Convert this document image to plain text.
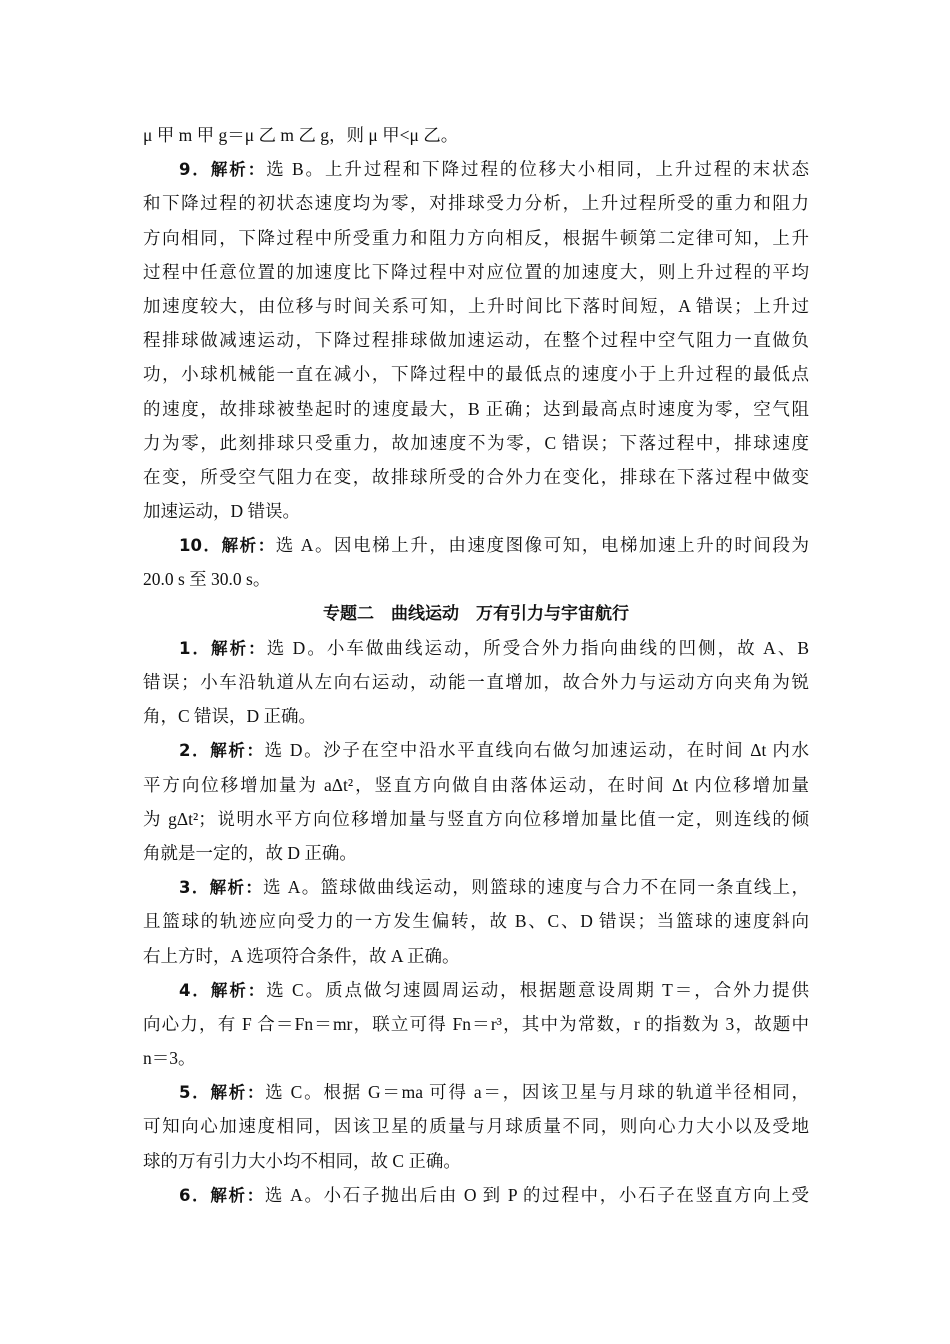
μ 甲 m 甲 g＝μ 乙 m 乙 g，则 μ 甲<μ 乙。
9．解析：选 B。上升过程和下降过程的位移大小相同，上升过程的末状态
和下降过程的初状态速度均为零，对排球受力分析，上升过程所受的重力和阻力
方向相同，下降过程中所受重力和阻力方向相反，根据牛顿第二定律可知，上升
过程中任意位置的加速度比下降过程中对应位置的加速度大，则上升过程的平均
加速度较大，由位移与时间关系可知，上升时间比下落时间短，A 错误；上升过
程排球做减速运动，下降过程排球做加速运动，在整个过程中空气阻力一直做负
功，小球机械能一直在减小，下降过程中的最低点的速度小于上升过程的最低点
的速度，故排球被垫起时的速度最大，B 正确；达到最高点时速度为零，空气阻
力为零，此刻排球只受重力，故加速度不为零，C 错误；下落过程中，排球速度
在变，所受空气阻力在变，故排球所受的合外力在变化，排球在下落过程中做变
加速运动，D 错误。
10．解析：选 A。因电梯上升，由速度图像可知，电梯加速上升的时间段为
20.0 s 至 30.0 s。
专题二　曲线运动　万有引力与宇宙航行
1．解析：选 D。小车做曲线运动，所受合外力指向曲线的凹侧，故 A、B
错误；小车沿轨道从左向右运动，动能一直增加，故合外力与运动方向夹角为锐
角，C 错误，D 正确。
2．解析：选 D。沙子在空中沿水平直线向右做匀加速运动，在时间 Δt 内水
平方向位移增加量为 aΔt²，竖直方向做自由落体运动，在时间 Δt 内位移增加量
为 gΔt²；说明水平方向位移增加量与竖直方向位移增加量比值一定，则连线的倾
角就是一定的，故 D 正确。
3．解析：选 A。篮球做曲线运动，则篮球的速度与合力不在同一条直线上，
且篮球的轨迹应向受力的一方发生偏转，故 B、C、D 错误；当篮球的速度斜向
右上方时，A 选项符合条件，故 A 正确。
4．解析：选 C。质点做匀速圆周运动，根据题意设周期 T＝，合外力提供
向心力，有 F 合＝Fn＝mr，联立可得 Fn＝r³，其中为常数，r 的指数为 3，故题中
n＝3。
5．解析：选 C。根据 G＝ma 可得 a＝，因该卫星与月球的轨道半径相同，
可知向心加速度相同，因该卫星的质量与月球质量不同，则向心力大小以及受地
球的万有引力大小均不相同，故 C 正确。
6．解析：选 A。小石子抛出后由 O 到 P 的过程中，小石子在竖直方向上受
